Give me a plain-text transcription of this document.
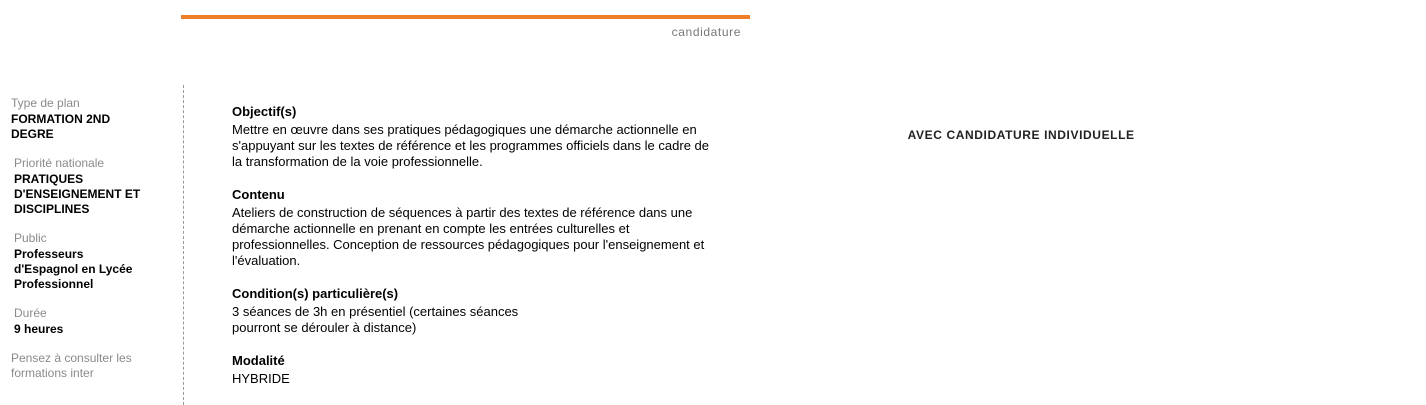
candidature
AVEC CANDIDATURE INDIVIDUELLE
Type de plan
FORMATION 2ND
DEGRE
Priorité nationale
PRATIQUES
D'ENSEIGNEMENT ET
DISCIPLINES
Public
Professeurs
d'Espagnol en Lycée
Professionnel
Durée
9 heures
Pensez à consulter les
formations inter
Objectif(s)
Mettre en œuvre dans ses pratiques pédagogiques une démarche actionnelle en
s'appuyant sur les textes de référence et les programmes officiels dans le cadre de
la transformation de la voie professionnelle.
Contenu
Ateliers de construction de séquences à partir des textes de référence dans une
démarche actionnelle en prenant en compte les entrées culturelles et
professionnelles. Conception de ressources pédagogiques pour l'enseignement et
l'évaluation.
Condition(s) particulière(s)
3 séances de 3h en présentiel (certaines séances
pourront se dérouler à distance)
Modalité
HYBRIDE
